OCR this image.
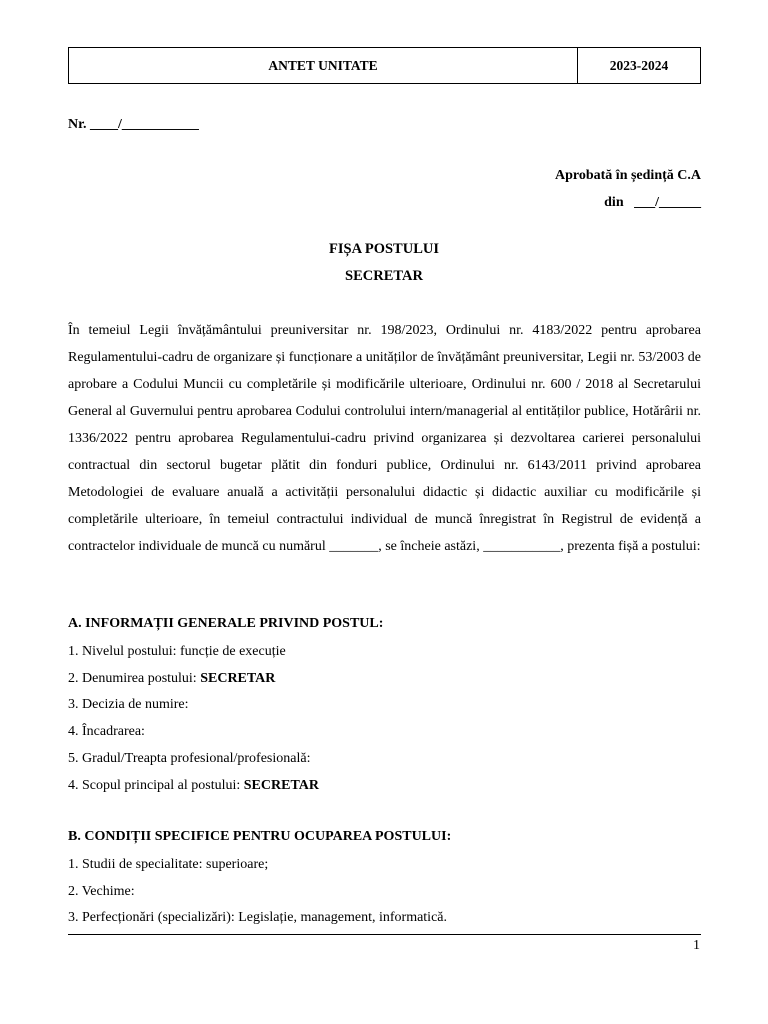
ANTET UNITATE	2023-2024
Nr. ____/___________
Aprobată în ședință C.A
din   ___/______
FIȘA POSTULUI
SECRETAR
În temeiul Legii învățământului preuniversitar nr. 198/2023, Ordinului nr. 4183/2022 pentru aprobarea Regulamentului-cadru de organizare și funcționare a unităților de învățământ preuniversitar, Legii nr. 53/2003 de aprobare a Codului Muncii cu completările și modificările ulterioare, Ordinului nr. 600 / 2018 al Secretarului General al Guvernului pentru aprobarea Codului controlului intern/managerial al entităților publice, Hotărârii nr. 1336/2022 pentru aprobarea Regulamentului-cadru privind organizarea și dezvoltarea carierei personalului contractual din sectorul bugetar plătit din fonduri publice, Ordinului nr. 6143/2011 privind aprobarea Metodologiei de evaluare anuală a activității personalului didactic și didactic auxiliar cu modificările și completările ulterioare, în temeiul contractului individual de muncă înregistrat în Registrul de evidență a contractelor individuale de muncă cu numărul _______, se încheie astăzi, ___________, prezenta fișă a postului:
A. INFORMAȚII GENERALE PRIVIND POSTUL:
1. Nivelul postului: funcție de execuție
2. Denumirea postului: SECRETAR
3. Decizia de numire:
4. Încadrarea:
5. Gradul/Treapta profesional/profesională:
4. Scopul principal al postului: SECRETAR
B. CONDIȚII SPECIFICE PENTRU OCUPAREA POSTULUI:
1. Studii de specialitate: superioare;
2. Vechime:
3. Perfecționări (specializări): Legislație, management, informatică.
1
